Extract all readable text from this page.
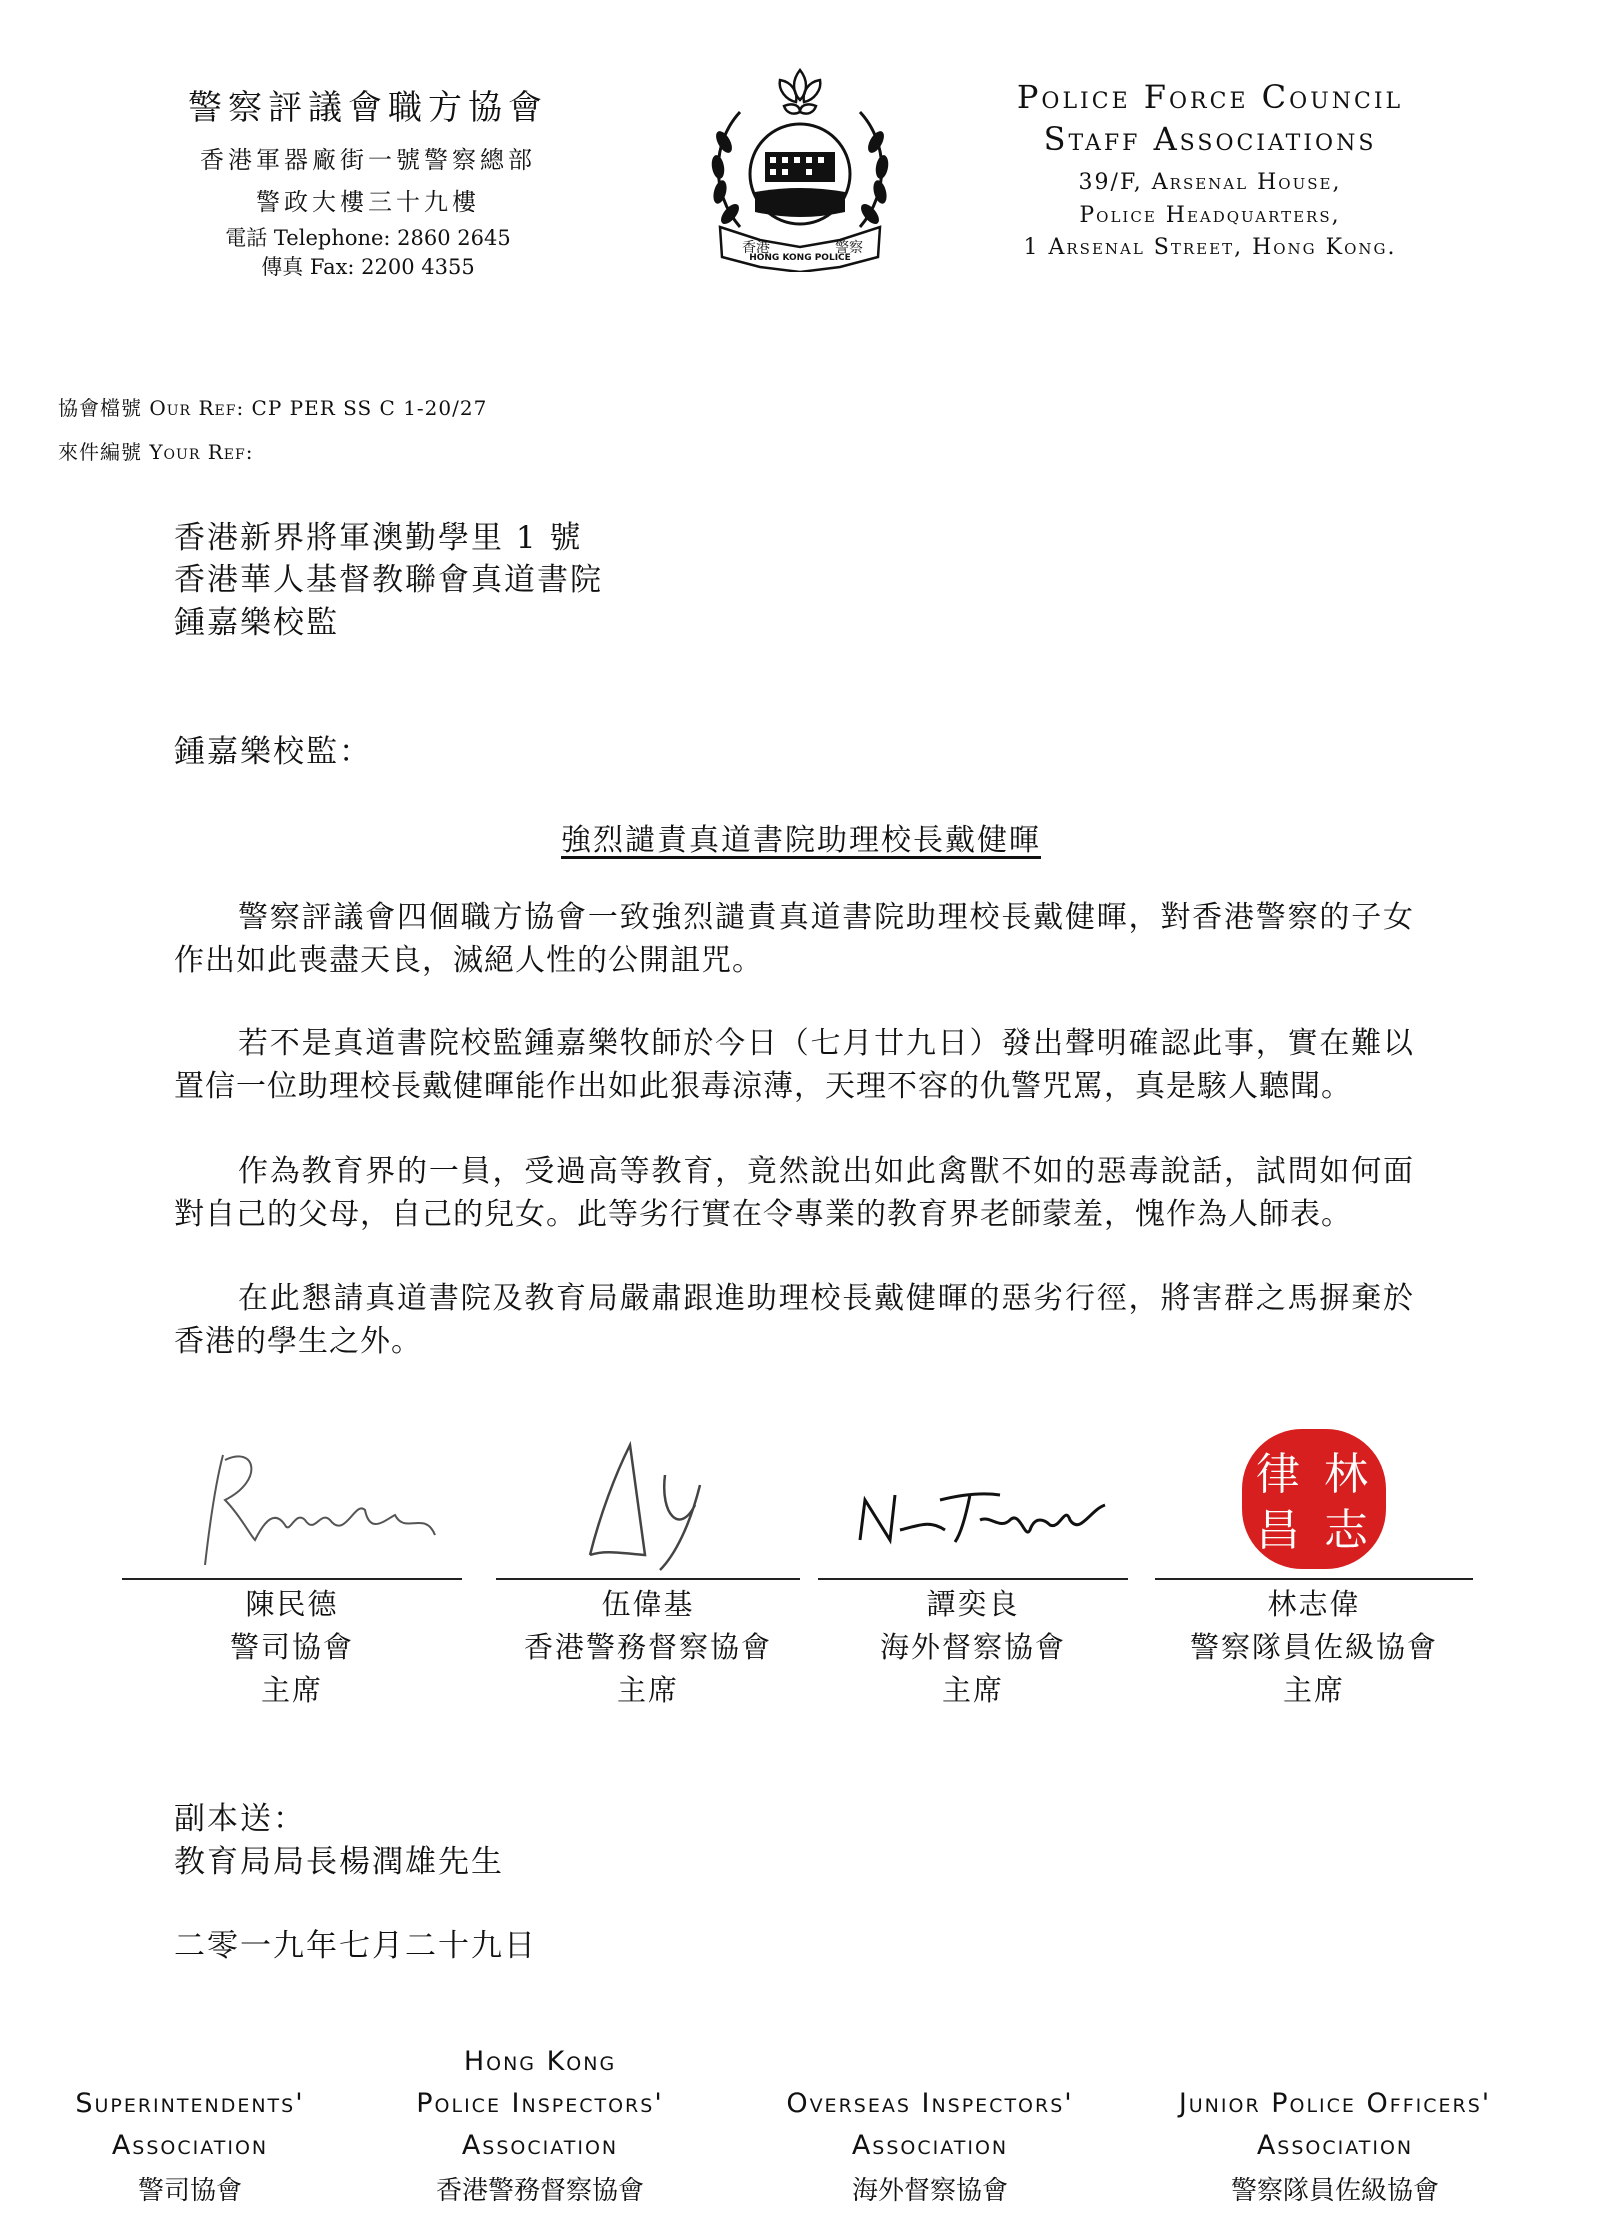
警察評議會職方協會
香港軍器廠街一號警察總部
警政大樓三十九樓
電話 Telephone: 2860 2645
傳真 Fax: 2200 4355
香港
HONG KONG POLICE
警察
Police Force Council
Staff Associations
39/F, Arsenal House,
Police Headquarters,
1 Arsenal Street, Hong Kong.
協會檔號 Our Ref: CP PER SS C 1-20/27
來件編號 Your Ref:
香港新界將軍澳勤學里 1 號
香港華人基督教聯會真道書院
鍾嘉樂校監
鍾嘉樂校監：
強烈譴責真道書院助理校長戴健暉
警察評議會四個職方協會一致強烈譴責真道書院助理校長戴健暉，對香港警察的子女作出如此喪盡天良，滅絕人性的公開詛咒。
若不是真道書院校監鍾嘉樂牧師於今日（七月廿九日）發出聲明確認此事，實在難以置信一位助理校長戴健暉能作出如此狠毒涼薄，天理不容的仇警咒罵，真是駭人聽聞。
作為教育界的一員，受過高等教育，竟然說出如此禽獸不如的惡毒說話，試問如何面對自己的父母，自己的兒女。此等劣行實在令專業的教育界老師蒙羞，愧作為人師表。
在此懇請真道書院及教育局嚴肅跟進助理校長戴健暉的惡劣行徑，將害群之馬摒棄於香港的學生之外。
律 林
昌 志
陳民德
警司協會
主席
伍偉基
香港警務督察協會
主席
譚奕良
海外督察協會
主席
林志偉
警察隊員佐級協會
主席
副本送：
教育局局長楊潤雄先生
二零一九年七月二十九日
Superintendents'
Association
警司協會
Hong Kong
Police Inspectors'
Association
香港警務督察協會
Overseas Inspectors'
Association
海外督察協會
Junior Police Officers'
Association
警察隊員佐級協會
